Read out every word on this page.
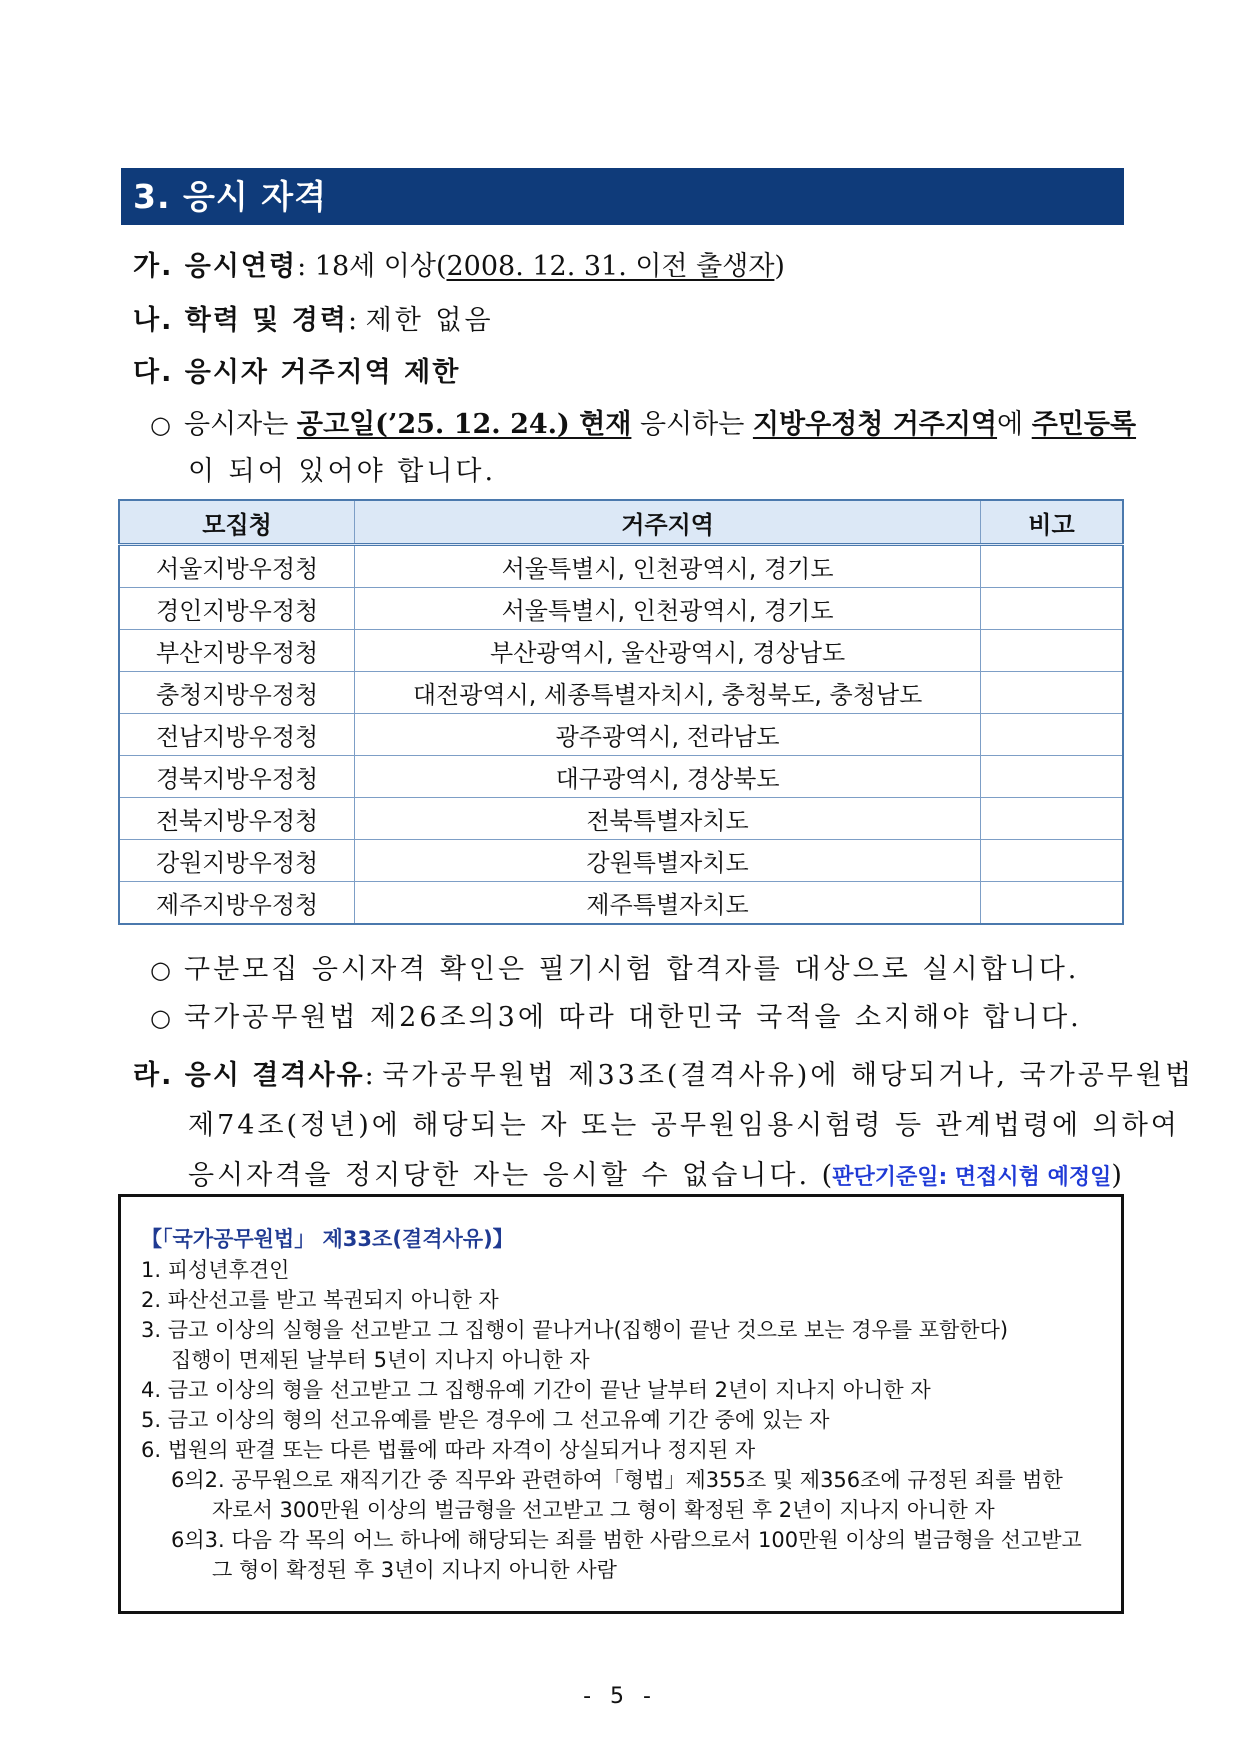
3. 응시 자격
가. 응시연령: 18세 이상(2008. 12. 31. 이전 출생자)
나. 학력 및 경력: 제한 없음
다. 응시자 거주지역 제한
○ 응시자는 공고일(’25. 12. 24.) 현재 응시하는 지방우정청 거주지역에 주민등록
이 되어 있어야 합니다.
모집청	거주지역	비고
서울지방우정청	서울특별시, 인천광역시, 경기도	
경인지방우정청	서울특별시, 인천광역시, 경기도	
부산지방우정청	부산광역시, 울산광역시, 경상남도	
충청지방우정청	대전광역시, 세종특별자치시, 충청북도, 충청남도	
전남지방우정청	광주광역시, 전라남도	
경북지방우정청	대구광역시, 경상북도	
전북지방우정청	전북특별자치도	
강원지방우정청	강원특별자치도	
제주지방우정청	제주특별자치도	
○ 구분모집 응시자격 확인은 필기시험 합격자를 대상으로 실시합니다.
○ 국가공무원법 제26조의3에 따라 대한민국 국적을 소지해야 합니다.
라. 응시 결격사유: 국가공무원법 제33조(결격사유)에 해당되거나, 국가공무원법
제74조(정년)에 해당되는 자 또는 공무원임용시험령 등 관계법령에 의하여
응시자격을 정지당한 자는 응시할 수 없습니다. (판단기준일: 면접시험 예정일)
【「국가공무원법」 제33조(결격사유)】
1. 피성년후견인
2. 파산선고를 받고 복권되지 아니한 자
3. 금고 이상의 실형을 선고받고 그 집행이 끝나거나(집행이 끝난 것으로 보는 경우를 포함한다)
집행이 면제된 날부터 5년이 지나지 아니한 자
4. 금고 이상의 형을 선고받고 그 집행유예 기간이 끝난 날부터 2년이 지나지 아니한 자
5. 금고 이상의 형의 선고유예를 받은 경우에 그 선고유예 기간 중에 있는 자
6. 법원의 판결 또는 다른 법률에 따라 자격이 상실되거나 정지된 자
6의2. 공무원으로 재직기간 중 직무와 관련하여「형법」제355조 및 제356조에 규정된 죄를 범한
자로서 300만원 이상의 벌금형을 선고받고 그 형이 확정된 후 2년이 지나지 아니한 자
6의3. 다음 각 목의 어느 하나에 해당되는 죄를 범한 사람으로서 100만원 이상의 벌금형을 선고받고
그 형이 확정된 후 3년이 지나지 아니한 사람
- 5 -
